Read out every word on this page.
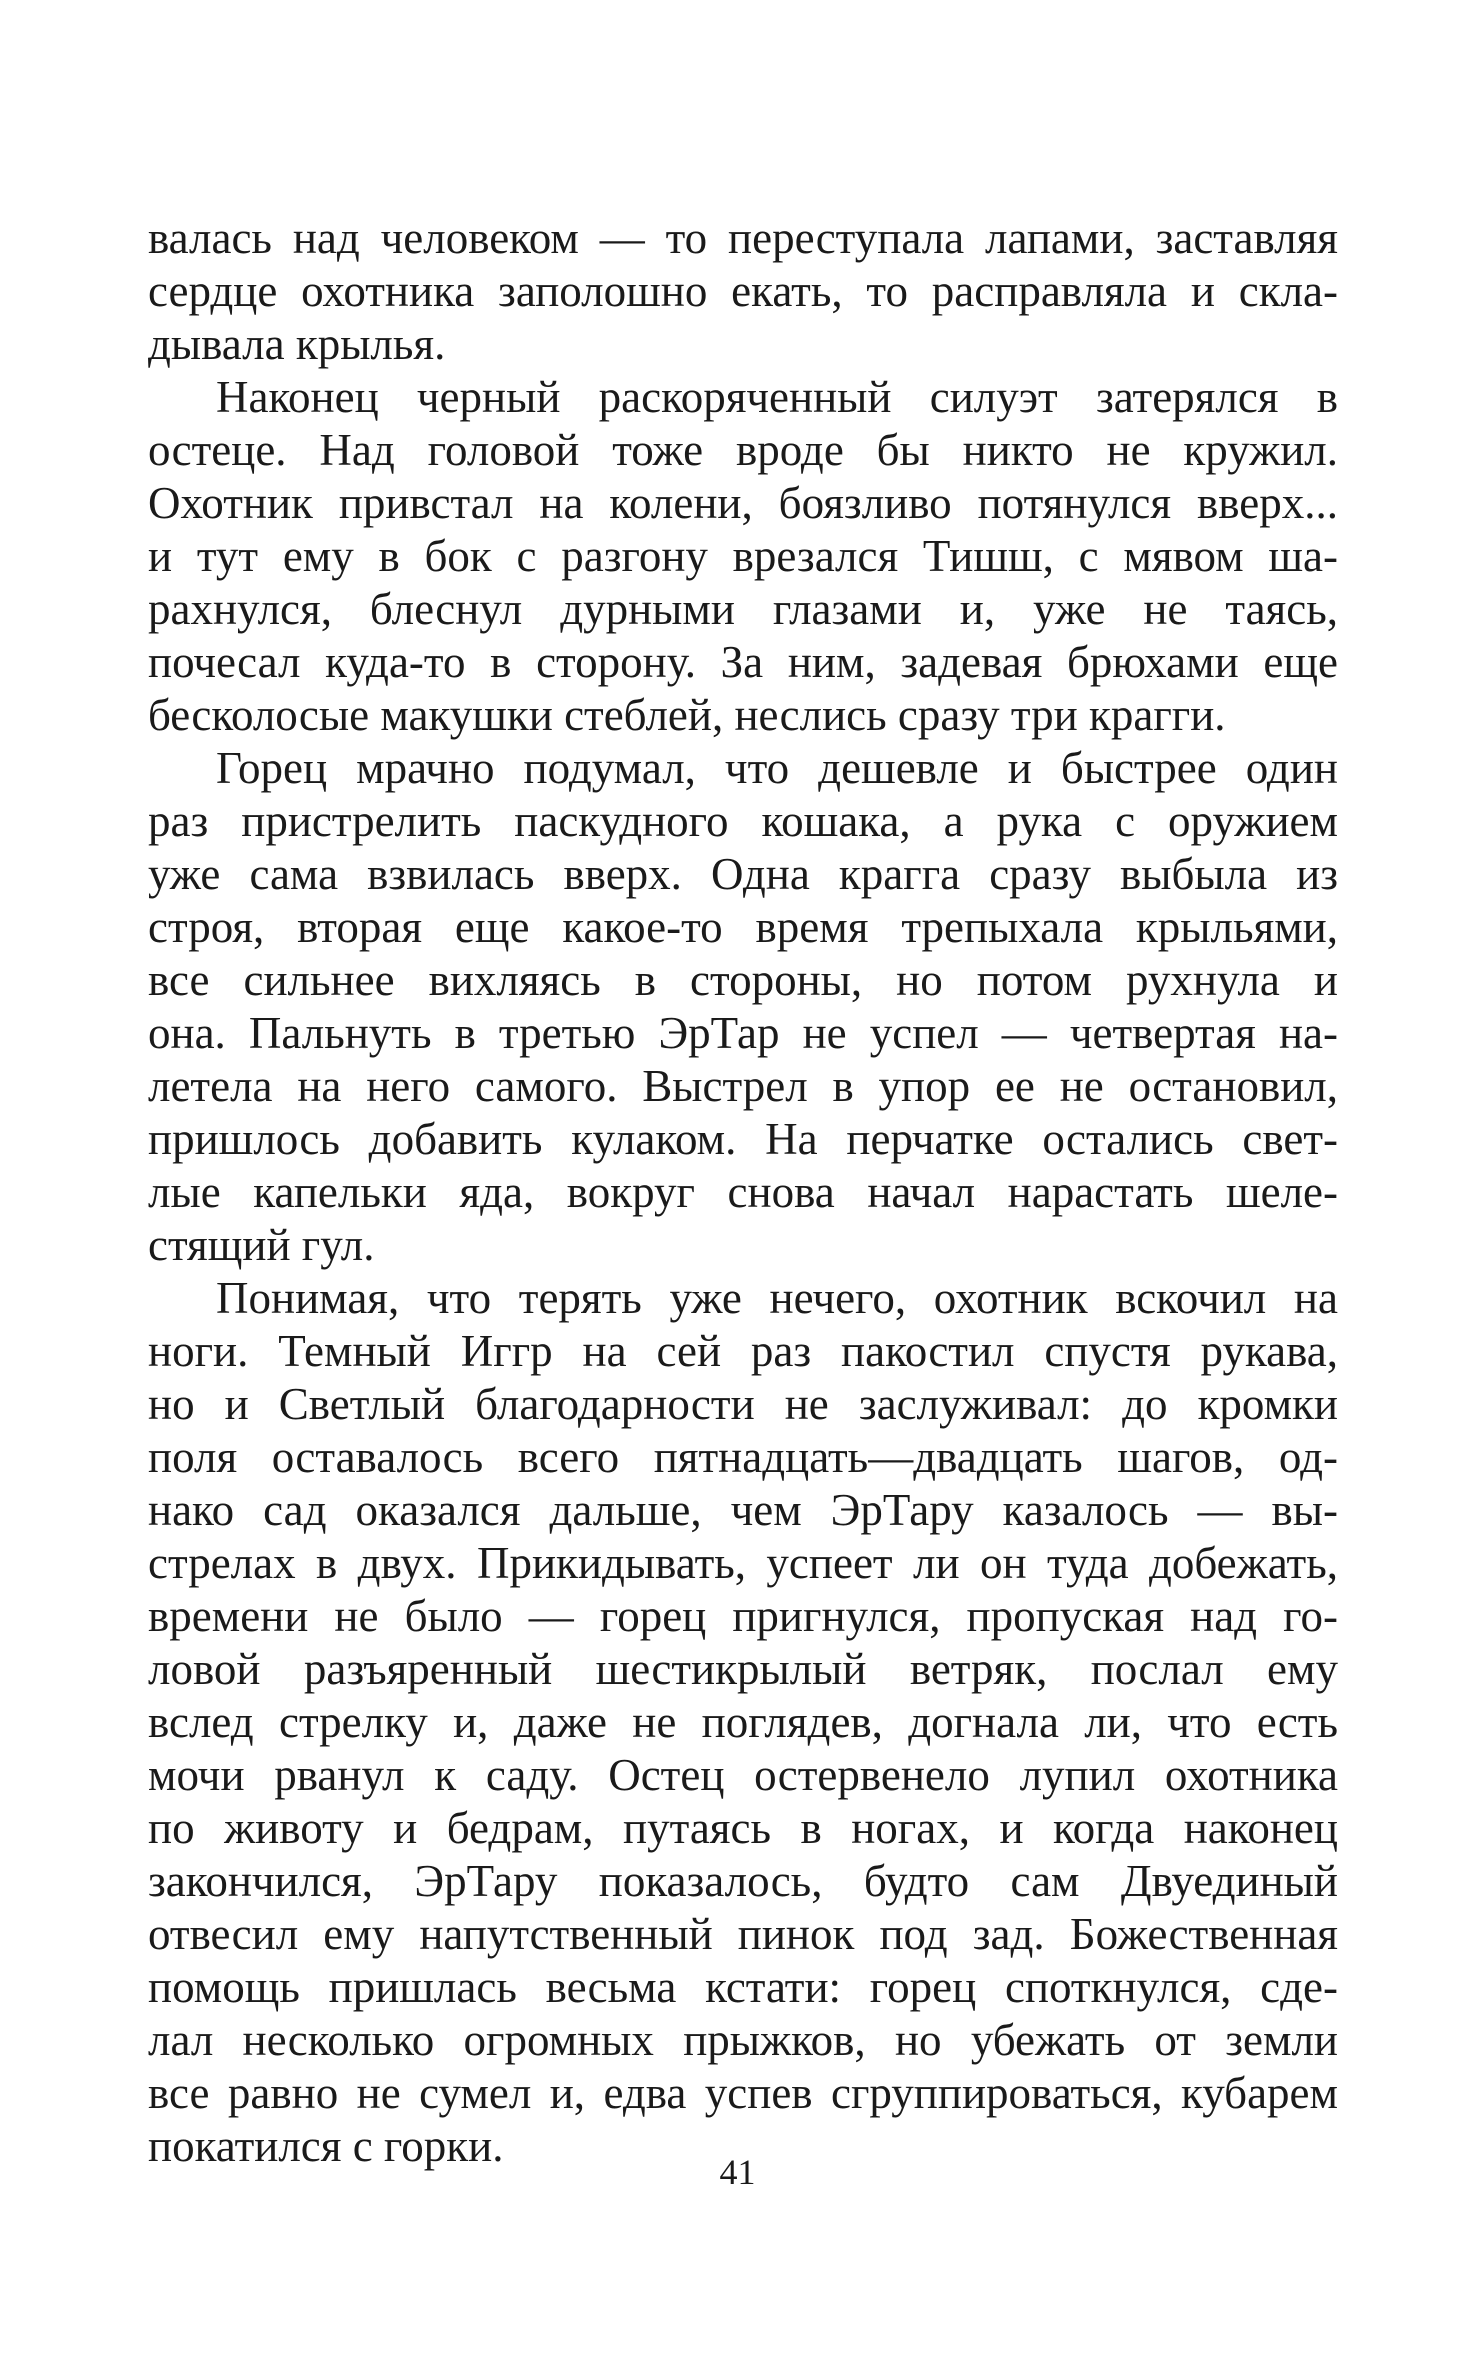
валась над человеком — то переступала лапами, заставляя
сердце охотника заполошно екать, то расправляла и скла-
дывала крылья.
Наконец черный раскоряченный силуэт затерялся в
остеце. Над головой тоже вроде бы никто не кружил.
Охотник привстал на колени, боязливо потянулся вверх...
и тут ему в бок с разгону врезался Тишш, с мявом ша-
рахнулся, блеснул дурными глазами и, уже не таясь,
почесал куда-то в сторону. За ним, задевая брюхами еще
бесколосые макушки стеблей, неслись сразу три крагги.
Горец мрачно подумал, что дешевле и быстрее один
раз пристрелить паскудного кошака, а рука с оружием
уже сама взвилась вверх. Одна крагга сразу выбыла из
строя, вторая еще какое-то время трепыхала крыльями,
все сильнее вихляясь в стороны, но потом рухнула и
она. Пальнуть в третью ЭрТар не успел — четвертая на-
летела на него самого. Выстрел в упор ее не остановил,
пришлось добавить кулаком. На перчатке остались свет-
лые капельки яда, вокруг снова начал нарастать шеле-
стящий гул.
Понимая, что терять уже нечего, охотник вскочил на
ноги. Темный Иггр на сей раз пакостил спустя рукава,
но и Светлый благодарности не заслуживал: до кромки
поля оставалось всего пятнадцать—двадцать шагов, од-
нако сад оказался дальше, чем ЭрТару казалось — вы-
стрелах в двух. Прикидывать, успеет ли он туда добежать,
времени не было — горец пригнулся, пропуская над го-
ловой разъяренный шестикрылый ветряк, послал ему
вслед стрелку и, даже не поглядев, догнала ли, что есть
мочи рванул к саду. Остец остервенело лупил охотника
по животу и бедрам, путаясь в ногах, и когда наконец
закончился, ЭрТару показалось, будто сам Двуединый
отвесил ему напутственный пинок под зад. Божественная
помощь пришлась весьма кстати: горец споткнулся, сде-
лал несколько огромных прыжков, но убежать от земли
все равно не сумел и, едва успев сгруппироваться, кубарем
покатился с горки.
41
